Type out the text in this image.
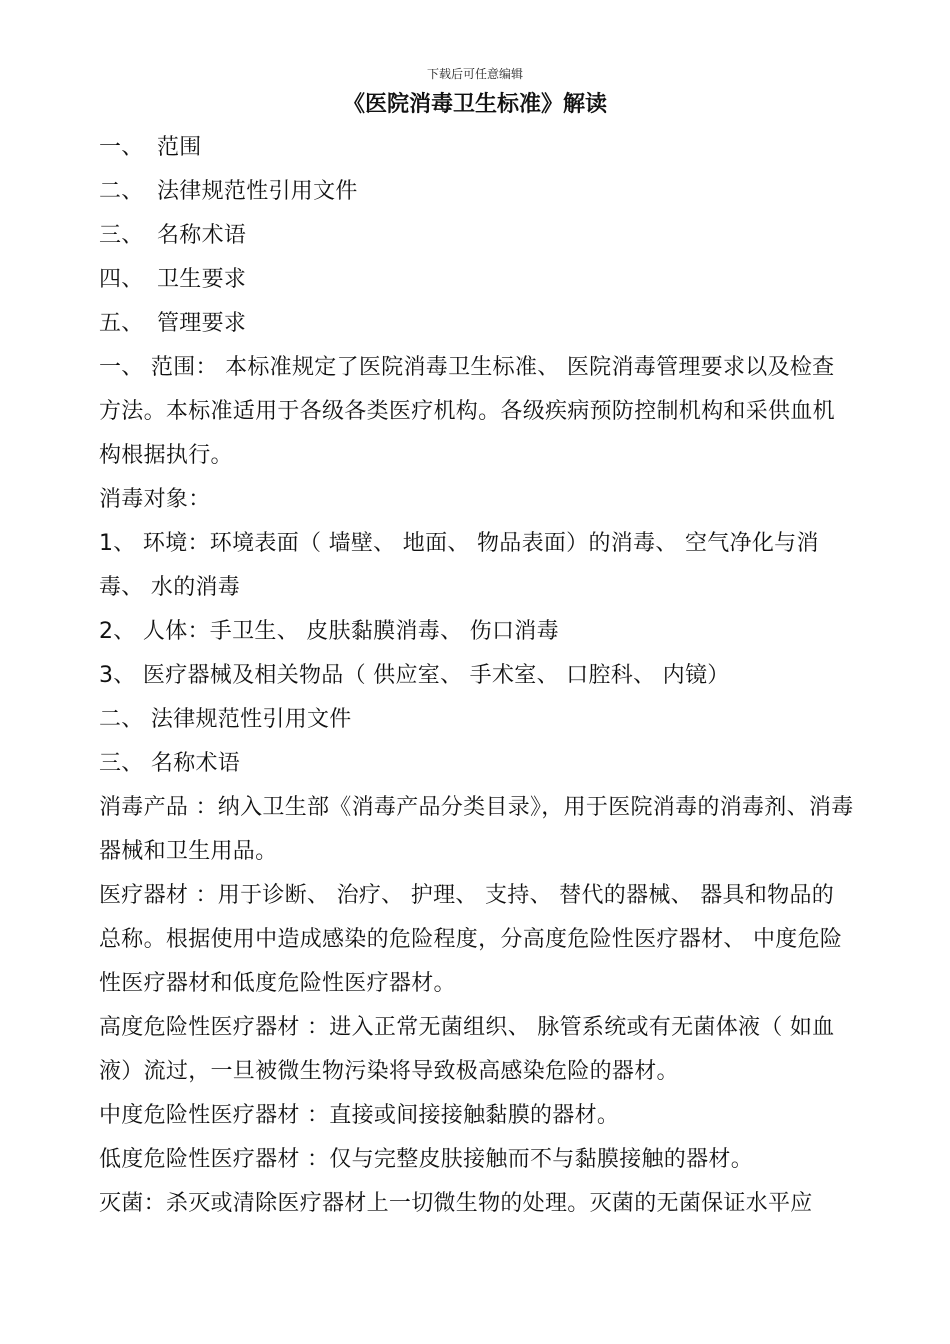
下载后可任意编辑
《医院消毒卫生标准》解读

一、 范围

二、 法律规范性引用文件

三、 名称术语

四、 卫生要求

五、 管理要求

一、 范围： 本标准规定了医院消毒卫生标准、 医院消毒管理要求以及检查方法。本标准适用于各级各类医疗机构。各级疾病预防控制机构和采供血机构根据执行。

消毒对象：

1、 环境：环境表面（ 墙壁、 地面、 物品表面）的消毒、 空气净化与消毒、 水的消毒

2、 人体：手卫生、 皮肤黏膜消毒、 伤口消毒

3、 医疗器械及相关物品（ 供应室、 手术室、 口腔科、 内镜）

二、 法律规范性引用文件

三、 名称术语

消毒产品 ：纳入卫生部《消毒产品分类目录》，用于医院消毒的消毒剂、消毒器械和卫生用品。

医疗器材 ：用于诊断、 治疗、 护理、 支持、 替代的器械、 器具和物品的总称。根据使用中造成感染的危险程度，分高度危险性医疗器材、 中度危险性医疗器材和低度危险性医疗器材。

高度危险性医疗器材 ：进入正常无菌组织、 脉管系统或有无菌体液（ 如血液）流过，一旦被微生物污染将导致极高感染危险的器材。

中度危险性医疗器材 ：直接或间接接触黏膜的器材。

低度危险性医疗器材 ：仅与完整皮肤接触而不与黏膜接触的器材。

灭菌：杀灭或清除医疗器材上一切微生物的处理。灭菌的无菌保证水平应
